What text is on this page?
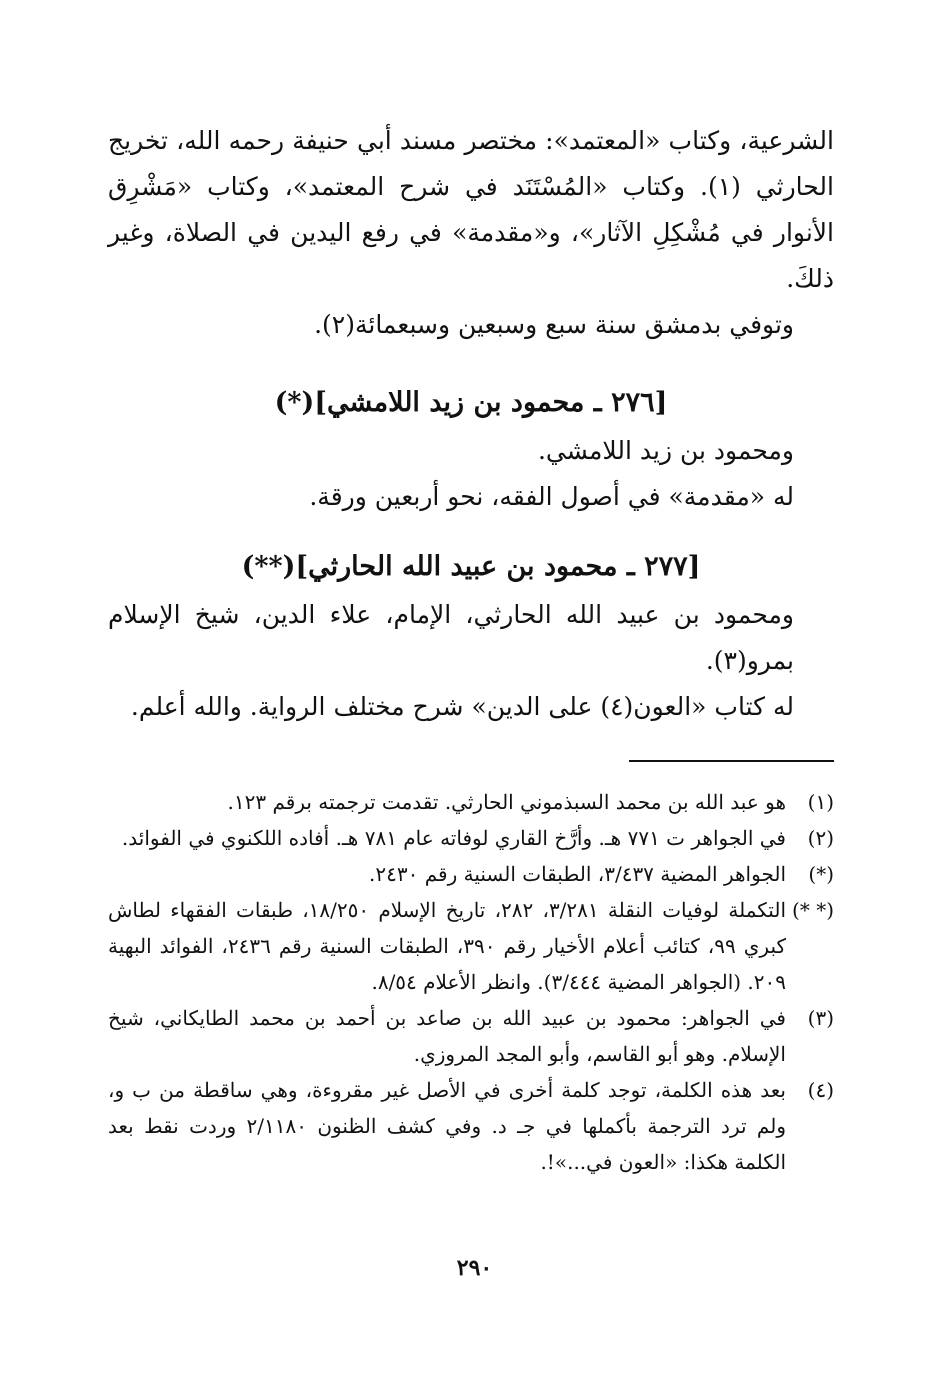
الشرعية، وكتاب «المعتمد»: مختصر مسند أبي حنيفة رحمه الله، تخريج الحارثي (١). وكتاب «المُسْتَنَد في شرح المعتمد»، وكتاب «مَشْرِق الأنوار في مُشْكِلِ الآثار»، و«مقدمة» في رفع اليدين في الصلاة، وغير ذلكَ.

وتوفي بدمشق سنة سبع وسبعين وسبعمائة(٢).

[٢٧٦ ـ محمود بن زيد اللامشي](*)

ومحمود بن زيد اللامشي.

له «مقدمة» في أصول الفقه، نحو أربعين ورقة.

[٢٧٧ ـ محمود بن عبيد الله الحارثي](**)

ومحمود بن عبيد الله الحارثي، الإمام، علاء الدين، شيخ الإسلام بمرو(٣).

له كتاب «العون(٤) على الدين» شرح مختلف الرواية. والله أعلم.

(١)
هو عبد الله بن محمد السبذموني الحارثي. تقدمت ترجمته برقم ١٢٣.
(٢)
في الجواهر ت ٧٧١ هـ. وأرَّخ القاري لوفاته عام ٧٨١ هـ. أفاده اللكنوي في الفوائد.
(*)
الجواهر المضية ٣/٤٣٧، الطبقات السنية رقم ٢٤٣٠.
(* *)
التكملة لوفيات النقلة ٣/٢٨١، ٢٨٢، تاريخ الإسلام ١٨/٢٥٠، طبقات الفقهاء لطاش كبري ٩٩، كتائب أعلام الأخيار رقم ٣٩٠، الطبقات السنية رقم ٢٤٣٦، الفوائد البهية ٢٠٩. (الجواهر المضية ٣/٤٤٤). وانظر الأعلام ٨/٥٤.
(٣)
في الجواهر: محمود بن عبيد الله بن صاعد بن أحمد بن محمد الطايكاني، شيخ الإسلام. وهو أبو القاسم، وأبو المجد المروزي.
(٤)
بعد هذه الكلمة، توجد كلمة أخرى في الأصل غير مقروءة، وهي ساقطة من ب و، ولم ترد الترجمة بأكملها في جـ د. وفي كشف الظنون ٢/١١٨٠ وردت نقط بعد الكلمة هكذا: «العون في...»!.
٢٩٠
